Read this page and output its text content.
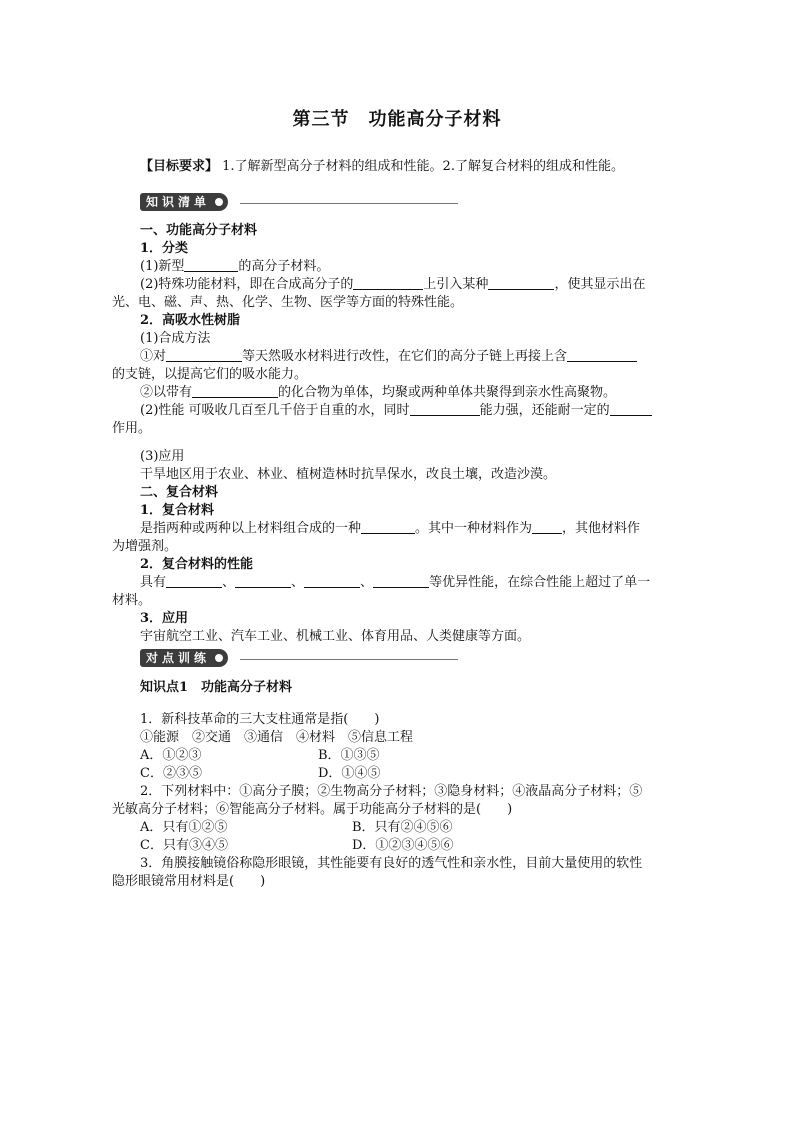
第三节　功能高分子材料
【目标要求】 1.了解新型高分子材料的组成和性能。2.了解复合材料的组成和性能。
知识清单
一、功能高分子材料
1．分类
(1)新型	的高分子材料。
(2)特殊功能材料，即在合成高分子的	上引入某种	，使其显示出在
光、电、磁、声、热、化学、生物、医学等方面的特殊性能。
2．高吸水性树脂
(1)合成方法
①对	等天然吸水材料进行改性，在它们的高分子链上再接上含
的支链，以提高它们的吸水能力。
②以带有	的化合物为单体，均聚或两种单体共聚得到亲水性高聚物。
(2)性能 可吸收几百至几千倍于自重的水，同时	能力强，还能耐一定的
作用。
(3)应用
干旱地区用于农业、林业、植树造林时抗旱保水，改良土壤，改造沙漠。
二、复合材料
1．复合材料
是指两种或两种以上材料组合成的一种	。其中一种材料作为 ，其他材料作
为增强剂。
2．复合材料的性能
具有	、	、	、	等优异性能，在综合性能上超过了单一
材料。
3．应用
宇宙航空工业、汽车工业、机械工业、体育用品、人类健康等方面。
对点训练
知识点1　功能高分子材料
1．新科技革命的三大支柱通常是指(　　)
①能源　②交通　③通信　④材料　⑤信息工程
A．①②③	B．①③⑤
C．②③⑤	D．①④⑤
2．下列材料中：①高分子膜；②生物高分子材料；③隐身材料；④液晶高分子材料；⑤
光敏高分子材料；⑥智能高分子材料。属于功能高分子材料的是(　　)
A．只有①②⑤	B．只有②④⑤⑥
C．只有③④⑤	D．①②③④⑤⑥
3．角膜接触镜俗称隐形眼镜，其性能要有良好的透气性和亲水性，目前大量使用的软性
隐形眼镜常用材料是(　　)
